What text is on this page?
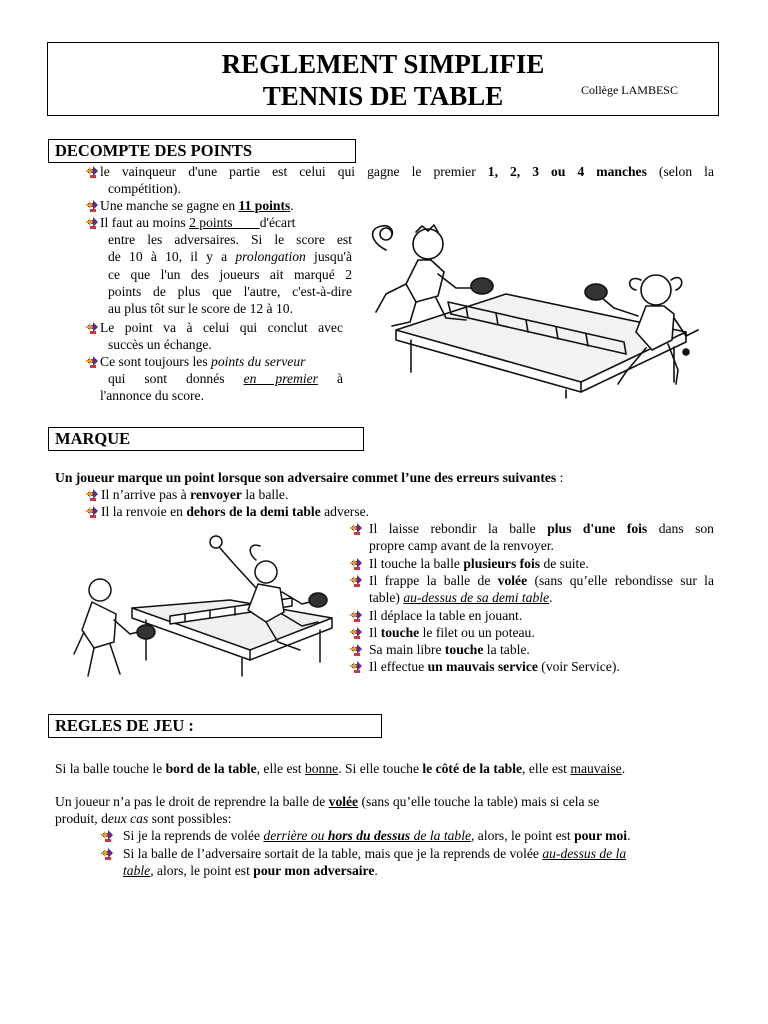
REGLEMENT SIMPLIFIE
TENNIS DE TABLE	Collège LAMBESC
DECOMPTE DES POINTS
le vainqueur d'une partie est celui qui gagne le premier 1, 2, 3 ou 4 manches (selon la
compétition).
Une manche se gagne en 11 points.
Il faut au moins 2 points d'écart
entre les adversaires. Si le score est
de 10 à 10, il y a prolongation jusqu'à
ce que l'un des joueurs ait marqué 2
points de plus que l'autre, c'est-à-dire
au plus tôt sur le score de 12 à 10.
Le point va à celui qui conclut avec
succès un échange.
Ce sont toujours les points du serveur
qui sont donnés en premier à
l'annonce du score.
MARQUE
Un joueur marque un point lorsque son adversaire commet l’une des erreurs suivantes :
Il n’arrive pas à renvoyer la balle.
Il la renvoie en dehors de la demi table adverse.
Il laisse rebondir la balle plus d'une fois dans son
propre camp avant de la renvoyer.
Il touche la balle plusieurs fois de suite.
Il frappe la balle de volée (sans qu’elle rebondisse sur la
table) au-dessus de sa demi table.
Il déplace la table en jouant.
Il touche le filet ou un poteau.
Sa main libre touche la table.
Il effectue un mauvais service (voir Service).
REGLES DE JEU :
Si la balle touche le bord de la table, elle est bonne. Si elle touche le côté de la table, elle est mauvaise.
Un joueur n’a pas le droit de reprendre la balle de volée (sans qu’elle touche la table) mais si cela se
produit, deux cas sont possibles:
Si je la reprends de volée derrière ou hors du dessus de la table, alors, le point est pour moi.
Si la balle de l’adversaire sortait de la table, mais que je la reprends de volée au-dessus de la
table, alors, le point est pour mon adversaire.
